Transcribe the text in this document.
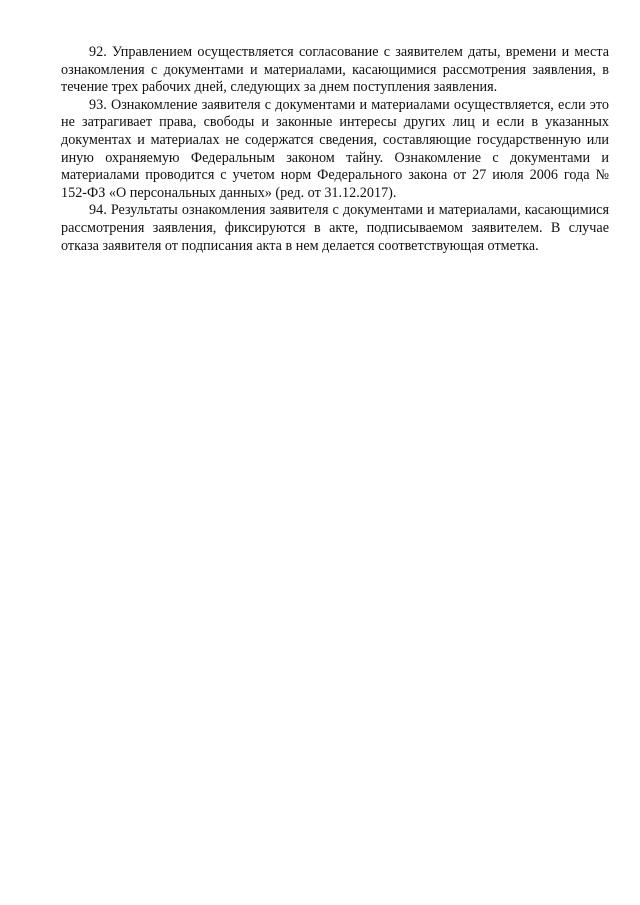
92. Управлением осуществляется согласование с заявителем даты, времени и места ознакомления с документами и материалами, касающимися рассмотрения заявления, в течение трех рабочих дней, следующих за днем поступления заявления.

93. Ознакомление заявителя с документами и материалами осуществляется, если это не затрагивает права, свободы и законные интересы других лиц и если в указанных документах и материалах не содержатся сведения, составляющие государственную или иную охраняемую Федеральным законом тайну. Ознакомление с документами и материалами проводится с учетом норм Федерального закона от 27 июля 2006 года № 152-ФЗ «О персональных данных» (ред. от 31.12.2017).

94. Результаты ознакомления заявителя с документами и материалами, касающимися рассмотрения заявления, фиксируются в акте, подписываемом заявителем. В случае отказа заявителя от подписания акта в нем делается соответствующая отметка.
